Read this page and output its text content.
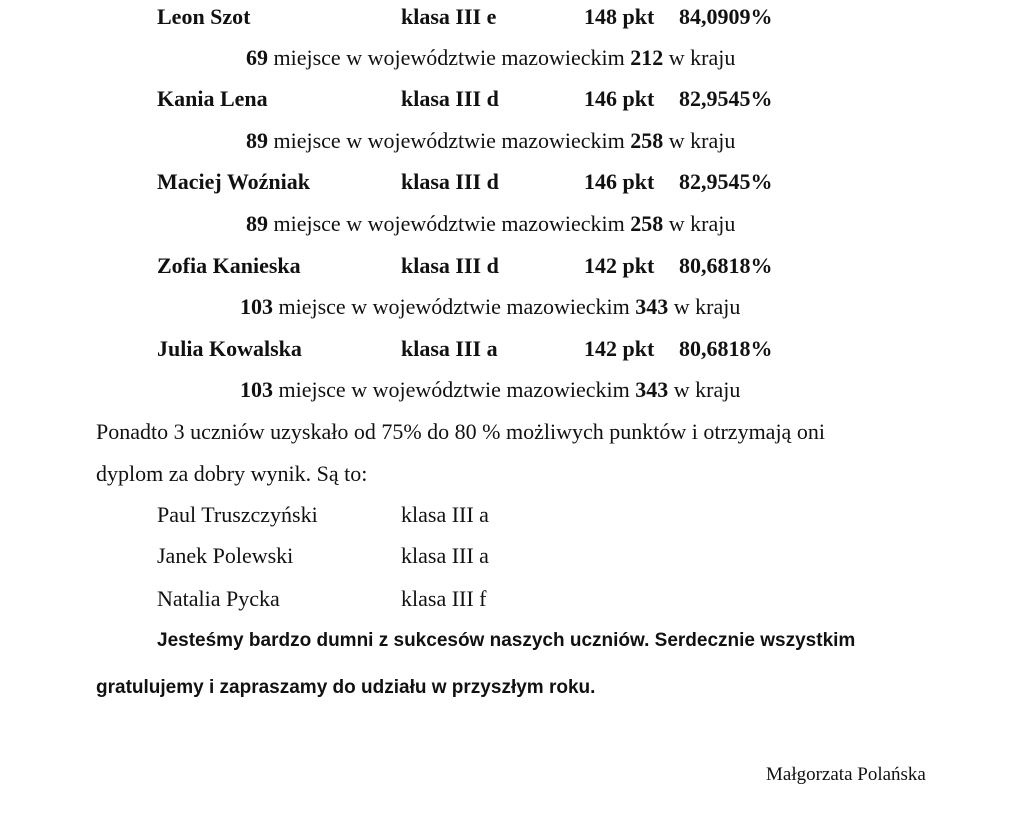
Leon Szot	klasa III e	148 pkt 84,0909%
69 miejsce w województwie mazowieckim 212 w kraju
Kania Lena	klasa III d	146 pkt 82,9545%
89 miejsce w województwie mazowieckim 258 w kraju
Maciej Woźniak	klasa III d	146 pkt 82,9545%
89 miejsce w województwie mazowieckim 258 w kraju
Zofia Kanieska	klasa III d	142 pkt 80,6818%
103 miejsce w województwie mazowieckim 343 w kraju
Julia Kowalska	klasa III a	142 pkt 80,6818%
103 miejsce w województwie mazowieckim 343 w kraju
Ponadto 3 uczniów uzyskało od 75% do 80 % możliwych punktów i otrzymają oni
dyplom za dobry wynik. Są to:
Paul Truszczyński	klasa III a
Janek Polewski	klasa III a
Natalia Pycka	klasa III f
Jesteśmy bardzo dumni z sukcesów naszych uczniów. Serdecznie wszystkim
gratulujemy i zapraszamy do udziału w przyszłym roku.
Małgorzata Polańska
